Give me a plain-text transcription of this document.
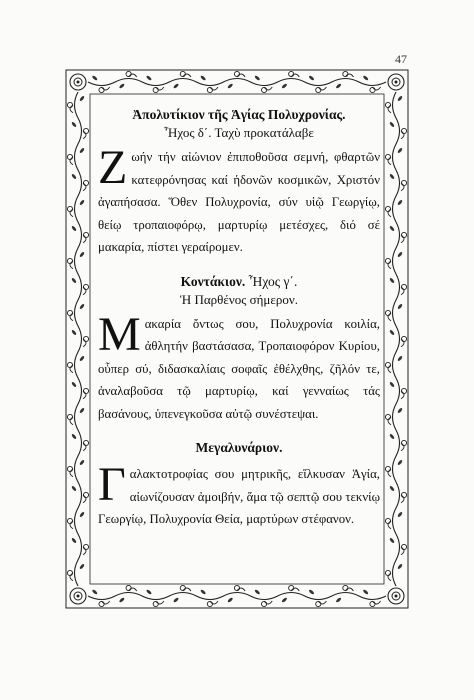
47
Ἀπολυτίκιον τῆς Ἁγίας Πολυχρονίας.
Ἦχος δ΄. Ταχὺ προκατάλαβε
Ζωήν τήν αἰώνιον ἐπιποθοῦσα σεμνή, φθαρτῶν κατεφρόνησας καί ἡδονῶν κοσμικῶν, Χριστόν ἀγαπήσασα. Ὅθεν Πολυχρονία, σύν υἱῷ Γεωργίῳ, θείῳ τροπαιοφόρῳ, μαρτυρίῳ μετέσχες, διό σέ μακαρία, πίστει γεραίρομεν.
Κοντάκιον. Ἦχος γ΄.
Ἡ Παρθένος σήμερον.
Μακαρία ὄντως σου, Πολυχρονία κοιλία, ἀθλητήν βαστάσασα, Τροπαιοφόρον Κυρίου, οὗπερ σύ, διδασκαλίαις σοφαῖς ἐθέλχθης, ζῆλόν τε, ἀναλαβοῦσα τῷ μαρτυρίῳ, καί γενναίως τάς βασάνους, ὑπενεγκοῦσα αὐτῷ συνέστεψαι.
Μεγαλυνάριον.
Γαλακτοτροφίας σου μητρικῆς, εἵλκυσαν Ἁγία, αἰωνίζουσαν ἀμοιβήν, ἅμα τῷ σεπτῷ σου τεκνίῳ Γεωργίῳ, Πολυχρονία Θεία, μαρτύρων στέφανον.
